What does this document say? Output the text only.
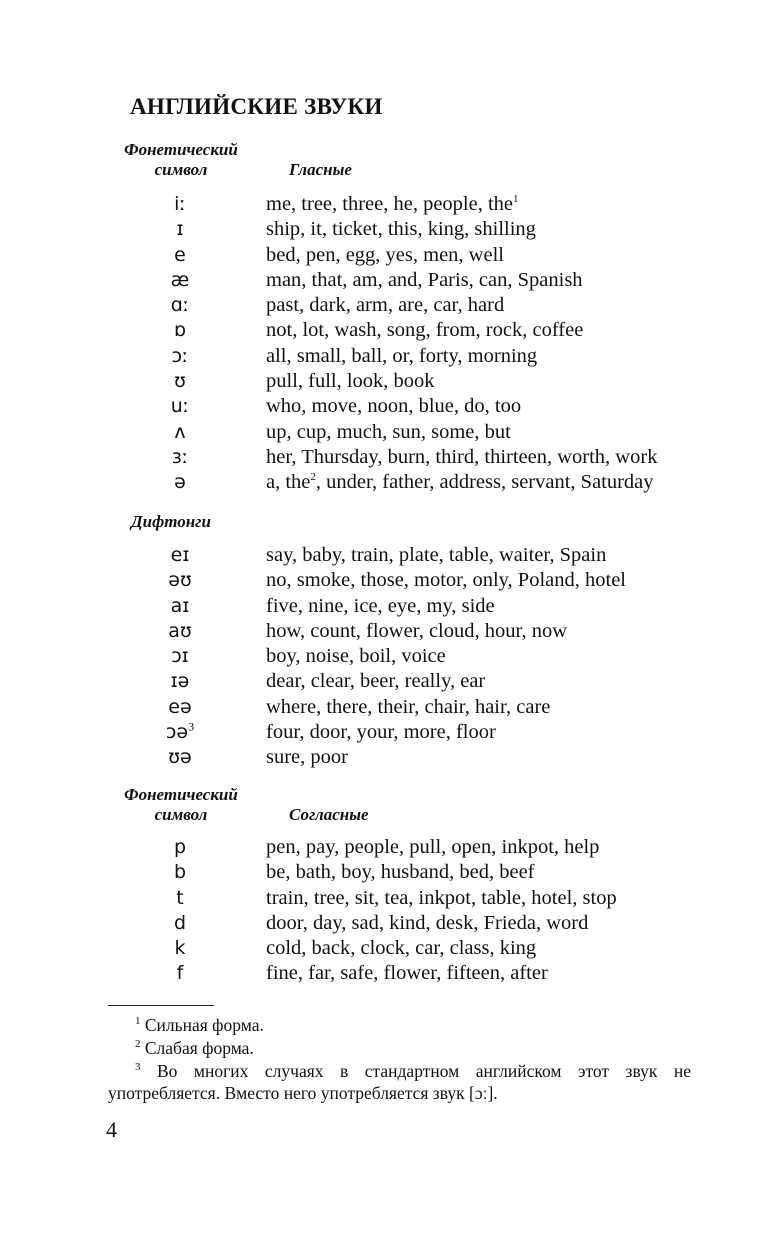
АНГЛИЙСКИЕ ЗВУКИ
Фонетический
символ	Гласные
iː	me, tree, three, he, people, the$^1$
ɪ	ship, it, ticket, this, king, shilling
e	bed, pen, egg, yes, men, well
æ	man, that, am, and, Paris, can, Spanish
ɑː	past, dark, arm, are, car, hard
ɒ	not, lot, wash, song, from, rock, coffee
ɔː	all, small, ball, or, forty, morning
ʊ	pull, full, look, book
uː	who, move, noon, blue, do, too
ʌ	up, cup, much, sun, some, but
ɜː	her, Thursday, burn, third, thirteen, worth, work
ə	a, the$^2$, under, father, address, servant, Saturday
Дифтонги
eɪ	say, baby, train, plate, table, waiter, Spain
əʊ	no, smoke, those, motor, only, Poland, hotel
aɪ	five, nine, ice, eye, my, side
aʊ	how, count, flower, cloud, hour, now
ɔɪ	boy, noise, boil, voice
ɪə	dear, clear, beer, really, ear
eə	where, there, their, chair, hair, care
ɔə$^3$	four, door, your, more, floor
ʊə	sure, poor
Фонетический
символ	Согласные
p	pen, pay, people, pull, open, inkpot, help
b	be, bath, boy, husband, bed, beef
t	train, tree, sit, tea, inkpot, table, hotel, stop
d	door, day, sad, kind, desk, Frieda, word
k	cold, back, clock, car, class, king
f	fine, far, safe, flower, fifteen, after
$^1$ Сильная форма.
$^2$ Слабая форма.
$^3$ Во многих случаях в стандартном английском этот звук не употребляется. Вместо него употребляется звук [ɔː].
4
